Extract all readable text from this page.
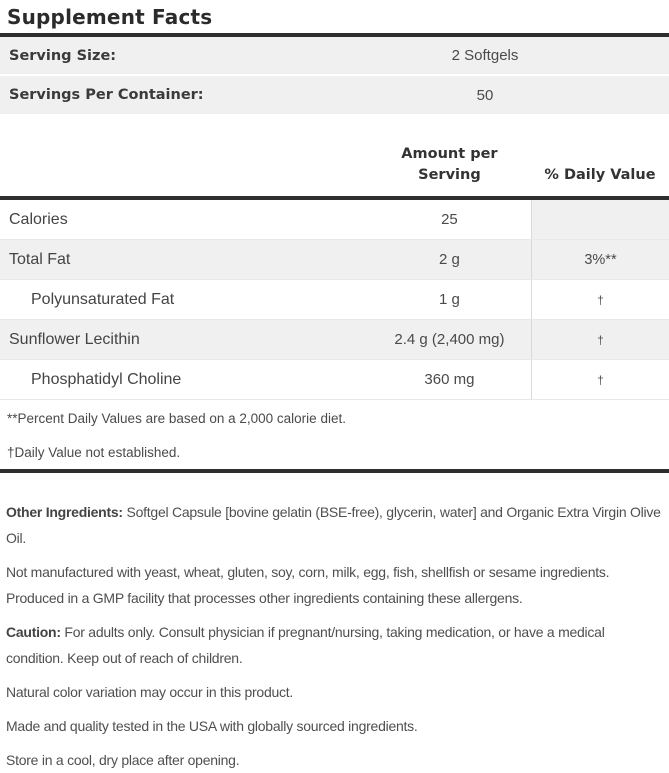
Supplement Facts
Serving Size:	2 Softgels
Servings Per Container:	50
Amount per Serving	% Daily Value
Calories	25
Total Fat	2 g	3%**
Polyunsaturated Fat	1 g	†
Sunflower Lecithin	2.4 g (2,400 mg)	†
Phosphatidyl Choline	360 mg	†

**Percent Daily Values are based on a 2,000 calorie diet.

†Daily Value not established.

Other Ingredients: Softgel Capsule [bovine gelatin (BSE-free), glycerin, water] and Organic Extra Virgin Olive Oil.

Not manufactured with yeast, wheat, gluten, soy, corn, milk, egg, fish, shellfish or sesame ingredients. Produced in a GMP facility that processes other ingredients containing these allergens.

Caution: For adults only. Consult physician if pregnant/nursing, taking medication, or have a medical condition. Keep out of reach of children.

Natural color variation may occur in this product.

Made and quality tested in the USA with globally sourced ingredients.

Store in a cool, dry place after opening.
